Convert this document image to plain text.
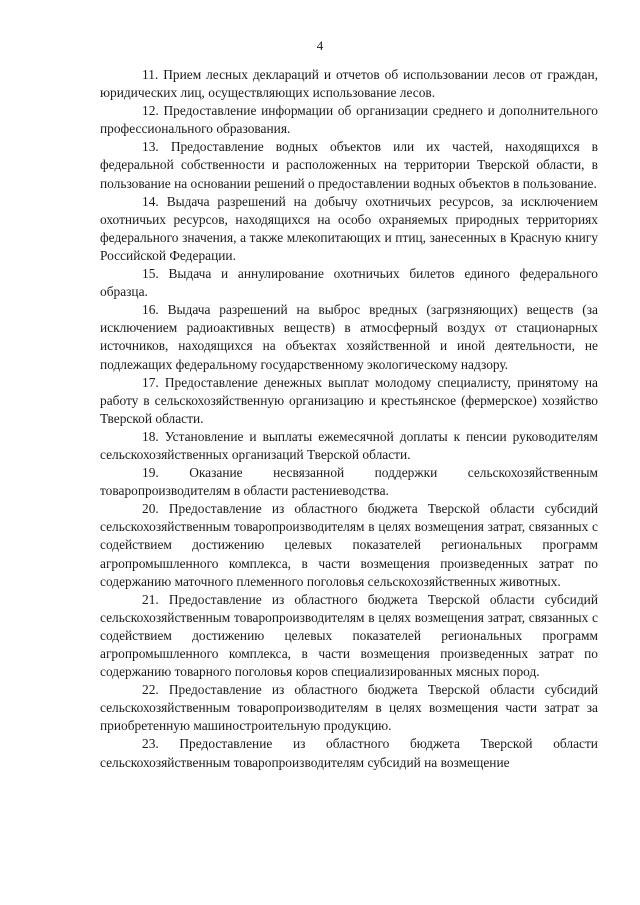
4

11. Прием лесных деклараций и отчетов об использовании лесов от граждан, юридических лиц, осуществляющих использование лесов.

12. Предоставление информации об организации среднего и дополнительного профессионального образования.

13. Предоставление водных объектов или их частей, находящихся в федеральной собственности и расположенных на территории Тверской области, в пользование на основании решений о предоставлении водных объектов в пользование.

14. Выдача разрешений на добычу охотничьих ресурсов, за исключением охотничьих ресурсов, находящихся на особо охраняемых природных территориях федерального значения, а также млекопитающих и птиц, занесенных в Красную книгу Российской Федерации.

15. Выдача и аннулирование охотничьих билетов единого федерального образца.

16. Выдача разрешений на выброс вредных (загрязняющих) веществ (за исключением радиоактивных веществ) в атмосферный воздух от стационарных источников, находящихся на объектах хозяйственной и иной деятельности, не подлежащих федеральному государственному экологическому надзору.

17. Предоставление денежных выплат молодому специалисту, принятому на работу в сельскохозяйственную организацию и крестьянское (фермерское) хозяйство Тверской области.

18. Установление и выплаты ежемесячной доплаты к пенсии руководителям сельскохозяйственных организаций Тверской области.

19. Оказание несвязанной поддержки сельскохозяйственным товаропроизводителям в области растениеводства.

20. Предоставление из областного бюджета Тверской области субсидий сельскохозяйственным товаропроизводителям в целях возмещения затрат, связанных с содействием достижению целевых показателей региональных программ агропромышленного комплекса, в части возмещения произведенных затрат по содержанию маточного племенного поголовья сельскохозяйственных животных.

21. Предоставление из областного бюджета Тверской области субсидий сельскохозяйственным товаропроизводителям в целях возмещения затрат, связанных с содействием достижению целевых показателей региональных программ агропромышленного комплекса, в части возмещения произведенных затрат по содержанию товарного поголовья коров специализированных мясных пород.

22. Предоставление из областного бюджета Тверской области субсидий сельскохозяйственным товаропроизводителям в целях возмещения части затрат за приобретенную машиностроительную продукцию.

23. Предоставление из областного бюджета Тверской области сельскохозяйственным товаропроизводителям субсидий на возмещение
